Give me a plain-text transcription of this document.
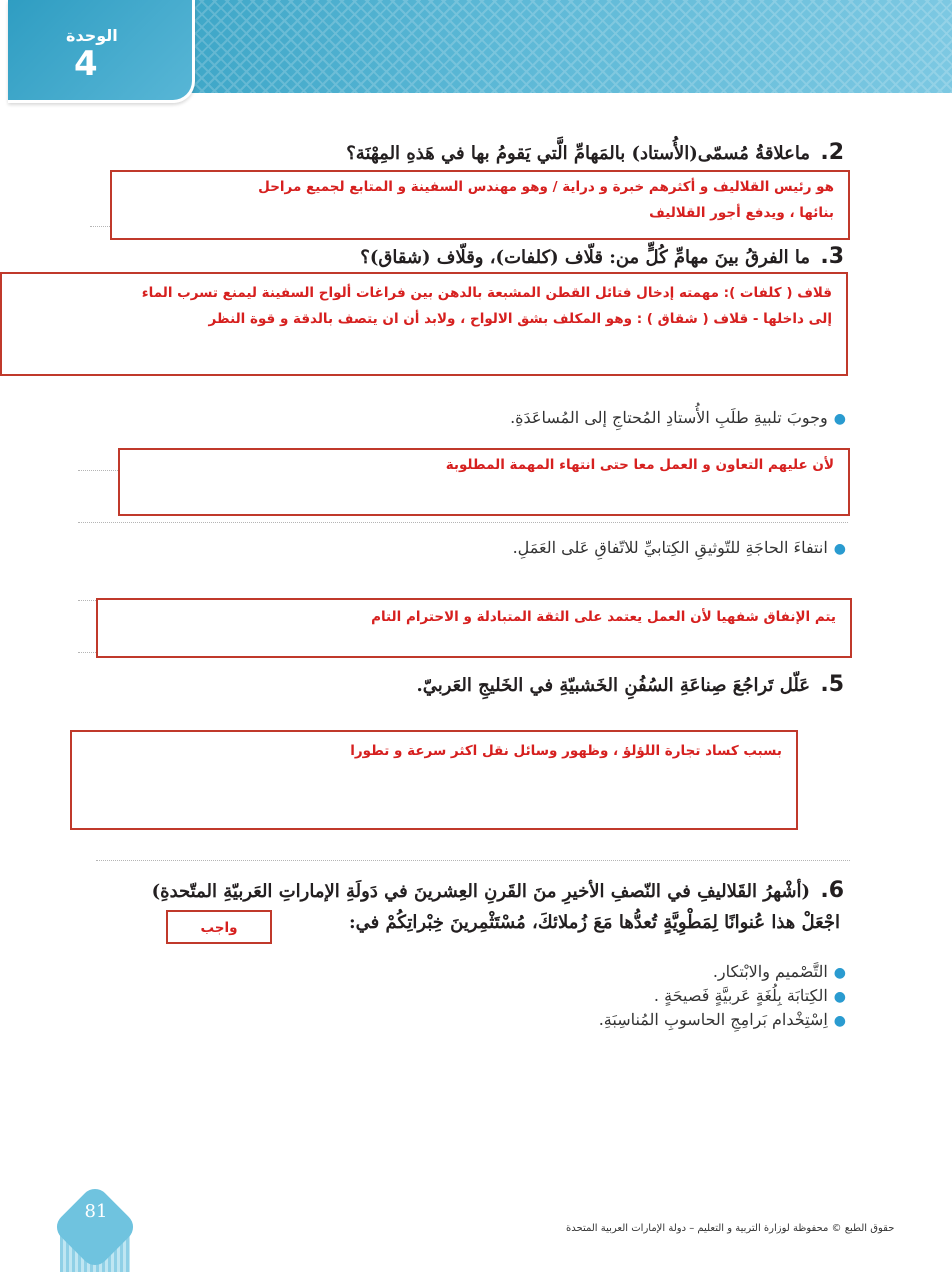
الوحدة
4
2. ماعلاقةُ مُسمّى(الأُستاد) بالمَهامِّ الَّتي يَقومُ بها في هَذهِ المِهْنَة؟
هو رئيس القلاليف و أكثرهم خبرة و دراية / وهو مهندس السفينة و المتابع لجميع مراحل
بنائها ، ويدفع أجور القلاليف
3. ما الفرقُ بينَ مهامِّ كُلٍّ من: قلّاف (كلفات)، وقلّاف (شقاق)؟
قلاف ( كلفات ): مهمته إدخال فتائل القطن المشبعة بالدهن بين فراغات ألواح السفينة ليمنع تسرب الماء
إلى داخلها - قلاف ( شقاق ) : وهو المكلف بشق الالواح ، ولابد أن ان يتصف بالدقة و قوة النظر
●وجوبَ تلبيةِ طلَبِ الأُستادِ المُحتاجِ إلى المُساعَدَةِ.
لأن عليهم التعاون و العمل معا حتى انتهاء المهمة المطلوبة
●انتفاءَ الحاجَةِ للتّوثيقِ الكِتابيِّ للاتّفاقِ عَلى العَمَلِ.
يتم الإنفاق شفهيا لأن العمل يعتمد على الثقة المتبادلة و الاحترام التام
5. عَلّل تَراجُعَ صِناعَةِ السُفُنِ الخَشبيّةِ في الخَليجِ العَربيّ.
بسبب كساد تجارة اللؤلؤ ، وظهور وسائل نقل اكثر سرعة و تطورا
6. (أشْهرُ القَلاليفِ في النّصفِ الأخيرِ منَ القَرنِ العِشرينَ في دَولَةِ الإماراتِ العَربيّةِ المتّحدةِ)
اجْعَلْ هذا عُنوانًا لِمَطْوِيَّةٍ تُعدُّها مَعَ زُملائكَ، مُسْتَثْمِرينَ خِبْراتِكُمْ في:
واجب
●التَّصْميم والابْتكار.
●الكِتابَة بِلُغَةٍ عَربيَّةٍ فَصيحَةٍ .
●اِسْتِخْدام بَرامِجِ الحاسوبِ المُناسِبَةِ.
81
حقوق الطبع © محفوظة لوزارة التربية و التعليم – دولة الإمارات العربية المتحدة
